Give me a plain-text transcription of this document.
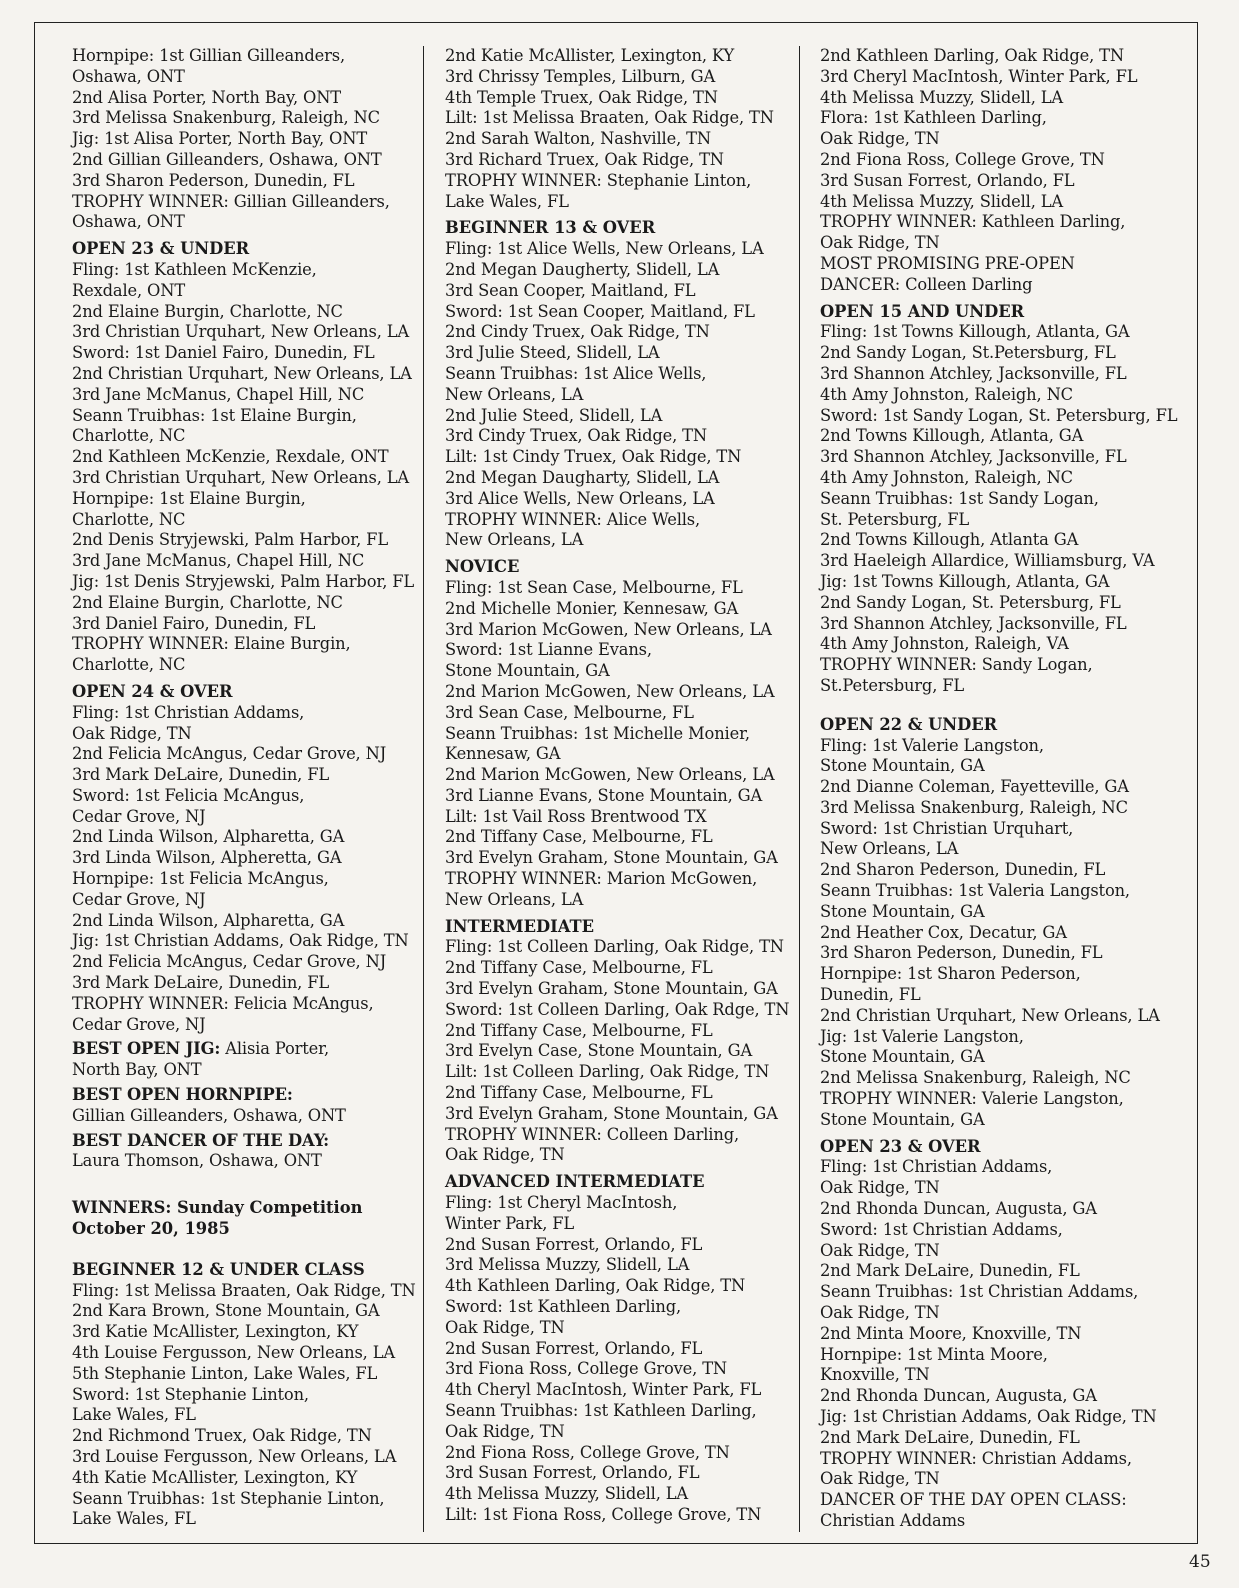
Hornpipe: 1st Gillian Gilleanders,
Oshawa, ONT
2nd Alisa Porter, North Bay, ONT
3rd Melissa Snakenburg, Raleigh, NC
Jig: 1st Alisa Porter, North Bay, ONT
2nd Gillian Gilleanders, Oshawa, ONT
3rd Sharon Pederson, Dunedin, FL
TROPHY WINNER: Gillian Gilleanders,
Oshawa, ONT
OPEN 23 & UNDER
Fling: 1st Kathleen McKenzie,
Rexdale, ONT
2nd Elaine Burgin, Charlotte, NC
3rd Christian Urquhart, New Orleans, LA
Sword: 1st Daniel Fairo, Dunedin, FL
2nd Christian Urquhart, New Orleans, LA
3rd Jane McManus, Chapel Hill, NC
Seann Truibhas: 1st Elaine Burgin,
Charlotte, NC
2nd Kathleen McKenzie, Rexdale, ONT
3rd Christian Urquhart, New Orleans, LA
Hornpipe: 1st Elaine Burgin,
Charlotte, NC
2nd Denis Stryjewski, Palm Harbor, FL
3rd Jane McManus, Chapel Hill, NC
Jig: 1st Denis Stryjewski, Palm Harbor, FL
2nd Elaine Burgin, Charlotte, NC
3rd Daniel Fairo, Dunedin, FL
TROPHY WINNER: Elaine Burgin,
Charlotte, NC
OPEN 24 & OVER
Fling: 1st Christian Addams,
Oak Ridge, TN
2nd Felicia McAngus, Cedar Grove, NJ
3rd Mark DeLaire, Dunedin, FL
Sword: 1st Felicia McAngus,
Cedar Grove, NJ
2nd Linda Wilson, Alpharetta, GA
3rd Linda Wilson, Alpheretta, GA
Hornpipe: 1st Felicia McAngus,
Cedar Grove, NJ
2nd Linda Wilson, Alpharetta, GA
Jig: 1st Christian Addams, Oak Ridge, TN
2nd Felicia McAngus, Cedar Grove, NJ
3rd Mark DeLaire, Dunedin, FL
TROPHY WINNER: Felicia McAngus,
Cedar Grove, NJ
BEST OPEN JIG: Alisia Porter,
North Bay, ONT
BEST OPEN HORNPIPE:
Gillian Gilleanders, Oshawa, ONT
BEST DANCER OF THE DAY:
Laura Thomson, Oshawa, ONT
WINNERS: Sunday Competition
October 20, 1985
BEGINNER 12 & UNDER CLASS
Fling: 1st Melissa Braaten, Oak Ridge, TN
2nd Kara Brown, Stone Mountain, GA
3rd Katie McAllister, Lexington, KY
4th Louise Fergusson, New Orleans, LA
5th Stephanie Linton, Lake Wales, FL
Sword: 1st Stephanie Linton,
Lake Wales, FL
2nd Richmond Truex, Oak Ridge, TN
3rd Louise Fergusson, New Orleans, LA
4th Katie McAllister, Lexington, KY
Seann Truibhas: 1st Stephanie Linton,
Lake Wales, FL
2nd Katie McAllister, Lexington, KY
3rd Chrissy Temples, Lilburn, GA
4th Temple Truex, Oak Ridge, TN
Lilt: 1st Melissa Braaten, Oak Ridge, TN
2nd Sarah Walton, Nashville, TN
3rd Richard Truex, Oak Ridge, TN
TROPHY WINNER: Stephanie Linton,
Lake Wales, FL
BEGINNER 13 & OVER
Fling: 1st Alice Wells, New Orleans, LA
2nd Megan Daugherty, Slidell, LA
3rd Sean Cooper, Maitland, FL
Sword: 1st Sean Cooper, Maitland, FL
2nd Cindy Truex, Oak Ridge, TN
3rd Julie Steed, Slidell, LA
Seann Truibhas: 1st Alice Wells,
New Orleans, LA
2nd Julie Steed, Slidell, LA
3rd Cindy Truex, Oak Ridge, TN
Lilt: 1st Cindy Truex, Oak Ridge, TN
2nd Megan Daugharty, Slidell, LA
3rd Alice Wells, New Orleans, LA
TROPHY WINNER: Alice Wells,
New Orleans, LA
NOVICE
Fling: 1st Sean Case, Melbourne, FL
2nd Michelle Monier, Kennesaw, GA
3rd Marion McGowen, New Orleans, LA
Sword: 1st Lianne Evans,
Stone Mountain, GA
2nd Marion McGowen, New Orleans, LA
3rd Sean Case, Melbourne, FL
Seann Truibhas: 1st Michelle Monier,
Kennesaw, GA
2nd Marion McGowen, New Orleans, LA
3rd Lianne Evans, Stone Mountain, GA
Lilt: 1st Vail Ross Brentwood TX
2nd Tiffany Case, Melbourne, FL
3rd Evelyn Graham, Stone Mountain, GA
TROPHY WINNER: Marion McGowen,
New Orleans, LA
INTERMEDIATE
Fling: 1st Colleen Darling, Oak Ridge, TN
2nd Tiffany Case, Melbourne, FL
3rd Evelyn Graham, Stone Mountain, GA
Sword: 1st Colleen Darling, Oak Rdge, TN
2nd Tiffany Case, Melbourne, FL
3rd Evelyn Case, Stone Mountain, GA
Lilt: 1st Colleen Darling, Oak Ridge, TN
2nd Tiffany Case, Melbourne, FL
3rd Evelyn Graham, Stone Mountain, GA
TROPHY WINNER: Colleen Darling,
Oak Ridge, TN
ADVANCED INTERMEDIATE
Fling: 1st Cheryl MacIntosh,
Winter Park, FL
2nd Susan Forrest, Orlando, FL
3rd Melissa Muzzy, Slidell, LA
4th Kathleen Darling, Oak Ridge, TN
Sword: 1st Kathleen Darling,
Oak Ridge, TN
2nd Susan Forrest, Orlando, FL
3rd Fiona Ross, College Grove, TN
4th Cheryl MacIntosh, Winter Park, FL
Seann Truibhas: 1st Kathleen Darling,
Oak Ridge, TN
2nd Fiona Ross, College Grove, TN
3rd Susan Forrest, Orlando, FL
4th Melissa Muzzy, Slidell, LA
Lilt: 1st Fiona Ross, College Grove, TN
2nd Kathleen Darling, Oak Ridge, TN
3rd Cheryl MacIntosh, Winter Park, FL
4th Melissa Muzzy, Slidell, LA
Flora: 1st Kathleen Darling,
Oak Ridge, TN
2nd Fiona Ross, College Grove, TN
3rd Susan Forrest, Orlando, FL
4th Melissa Muzzy, Slidell, LA
TROPHY WINNER: Kathleen Darling,
Oak Ridge, TN
MOST PROMISING PRE-OPEN
DANCER: Colleen Darling
OPEN 15 AND UNDER
Fling: 1st Towns Killough, Atlanta, GA
2nd Sandy Logan, St.Petersburg, FL
3rd Shannon Atchley, Jacksonville, FL
4th Amy Johnston, Raleigh, NC
Sword: 1st Sandy Logan, St. Petersburg, FL
2nd Towns Killough, Atlanta, GA
3rd Shannon Atchley, Jacksonville, FL
4th Amy Johnston, Raleigh, NC
Seann Truibhas: 1st Sandy Logan,
St. Petersburg, FL
2nd Towns Killough, Atlanta GA
3rd Haeleigh Allardice, Williamsburg, VA
Jig: 1st Towns Killough, Atlanta, GA
2nd Sandy Logan, St. Petersburg, FL
3rd Shannon Atchley, Jacksonville, FL
4th Amy Johnston, Raleigh, VA
TROPHY WINNER: Sandy Logan,
St.Petersburg, FL
OPEN 22 & UNDER
Fling: 1st Valerie Langston,
Stone Mountain, GA
2nd Dianne Coleman, Fayetteville, GA
3rd Melissa Snakenburg, Raleigh, NC
Sword: 1st Christian Urquhart,
New Orleans, LA
2nd Sharon Pederson, Dunedin, FL
Seann Truibhas: 1st Valeria Langston,
Stone Mountain, GA
2nd Heather Cox, Decatur, GA
3rd Sharon Pederson, Dunedin, FL
Hornpipe: 1st Sharon Pederson,
Dunedin, FL
2nd Christian Urquhart, New Orleans, LA
Jig: 1st Valerie Langston,
Stone Mountain, GA
2nd Melissa Snakenburg, Raleigh, NC
TROPHY WINNER: Valerie Langston,
Stone Mountain, GA
OPEN 23 & OVER
Fling: 1st Christian Addams,
Oak Ridge, TN
2nd Rhonda Duncan, Augusta, GA
Sword: 1st Christian Addams,
Oak Ridge, TN
2nd Mark DeLaire, Dunedin, FL
Seann Truibhas: 1st Christian Addams,
Oak Ridge, TN
2nd Minta Moore, Knoxville, TN
Hornpipe: 1st Minta Moore,
Knoxville, TN
2nd Rhonda Duncan, Augusta, GA
Jig: 1st Christian Addams, Oak Ridge, TN
2nd Mark DeLaire, Dunedin, FL
TROPHY WINNER: Christian Addams,
Oak Ridge, TN
DANCER OF THE DAY OPEN CLASS:
Christian Addams
45
